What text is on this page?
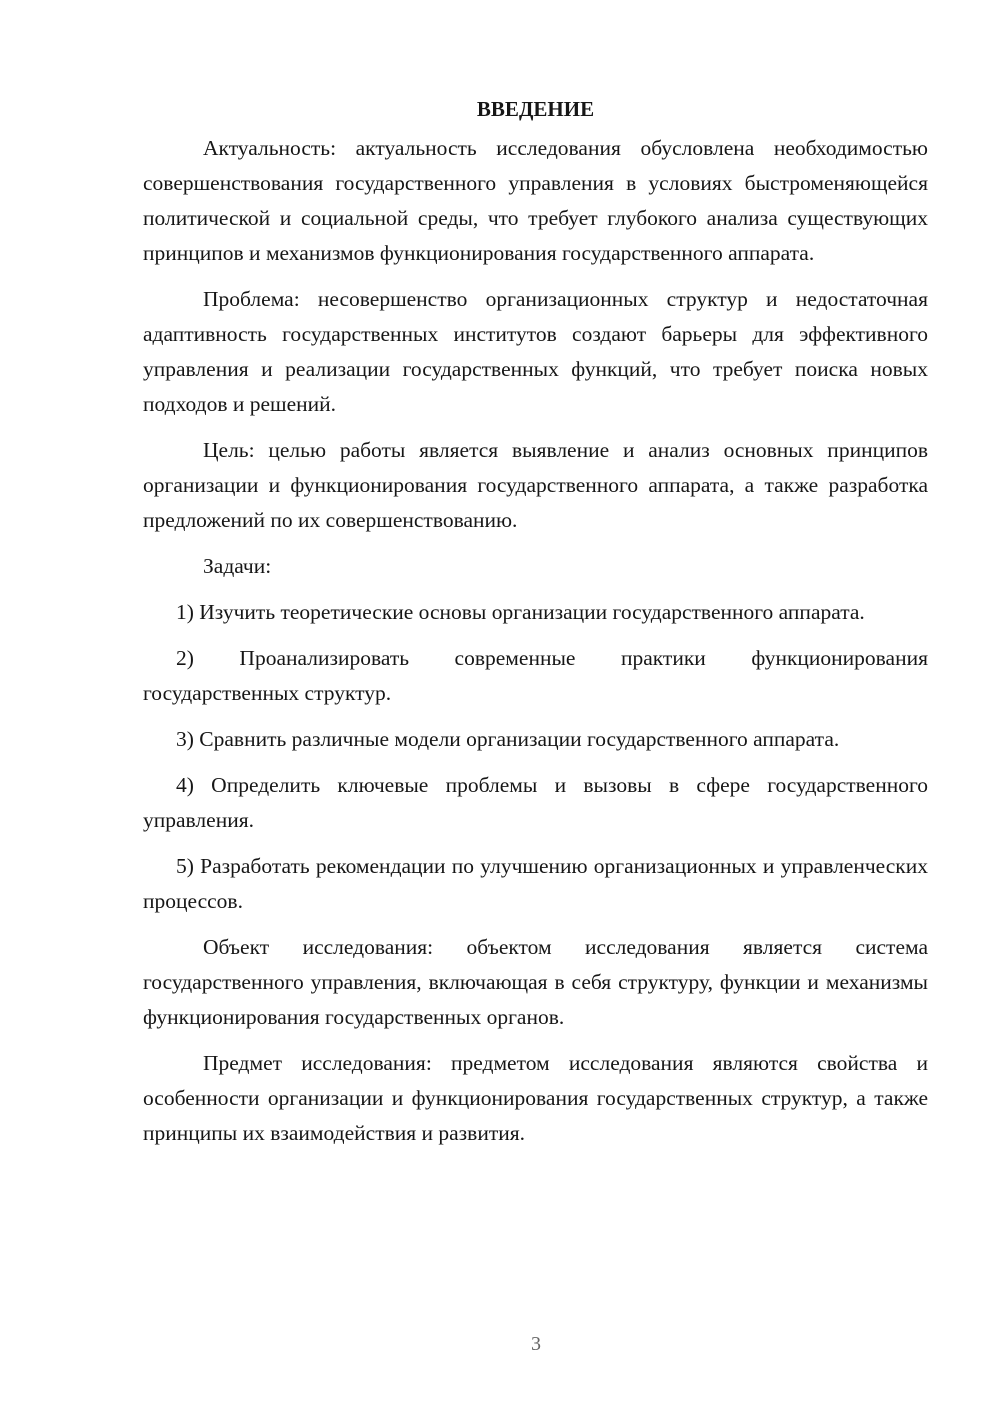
ВВЕДЕНИЕ

Актуальность: актуальность исследования обусловлена необходимостью совершенствования государственного управления в условиях быстроменяющейся политической и социальной среды, что требует глубокого анализа существующих принципов и механизмов функционирования государственного аппарата.

Проблема: несовершенство организационных структур и недостаточная адаптивность государственных институтов создают барьеры для эффективного управления и реализации государственных функций, что требует поиска новых подходов и решений.

Цель: целью работы является выявление и анализ основных принципов организации и функционирования государственного аппарата, а также разработка предложений по их совершенствованию.

Задачи:

1) Изучить теоретические основы организации государственного аппарата.

2) Проанализировать современные практики функционирования государственных структур.

3) Сравнить различные модели организации государственного аппарата.

4) Определить ключевые проблемы и вызовы в сфере государственного управления.

5) Разработать рекомендации по улучшению организационных и управленческих процессов.

Объект исследования: объектом исследования является система государственного управления, включающая в себя структуру, функции и механизмы функционирования государственных органов.

Предмет исследования: предметом исследования являются свойства и особенности организации и функционирования государственных структур, а также принципы их взаимодействия и развития.

3
